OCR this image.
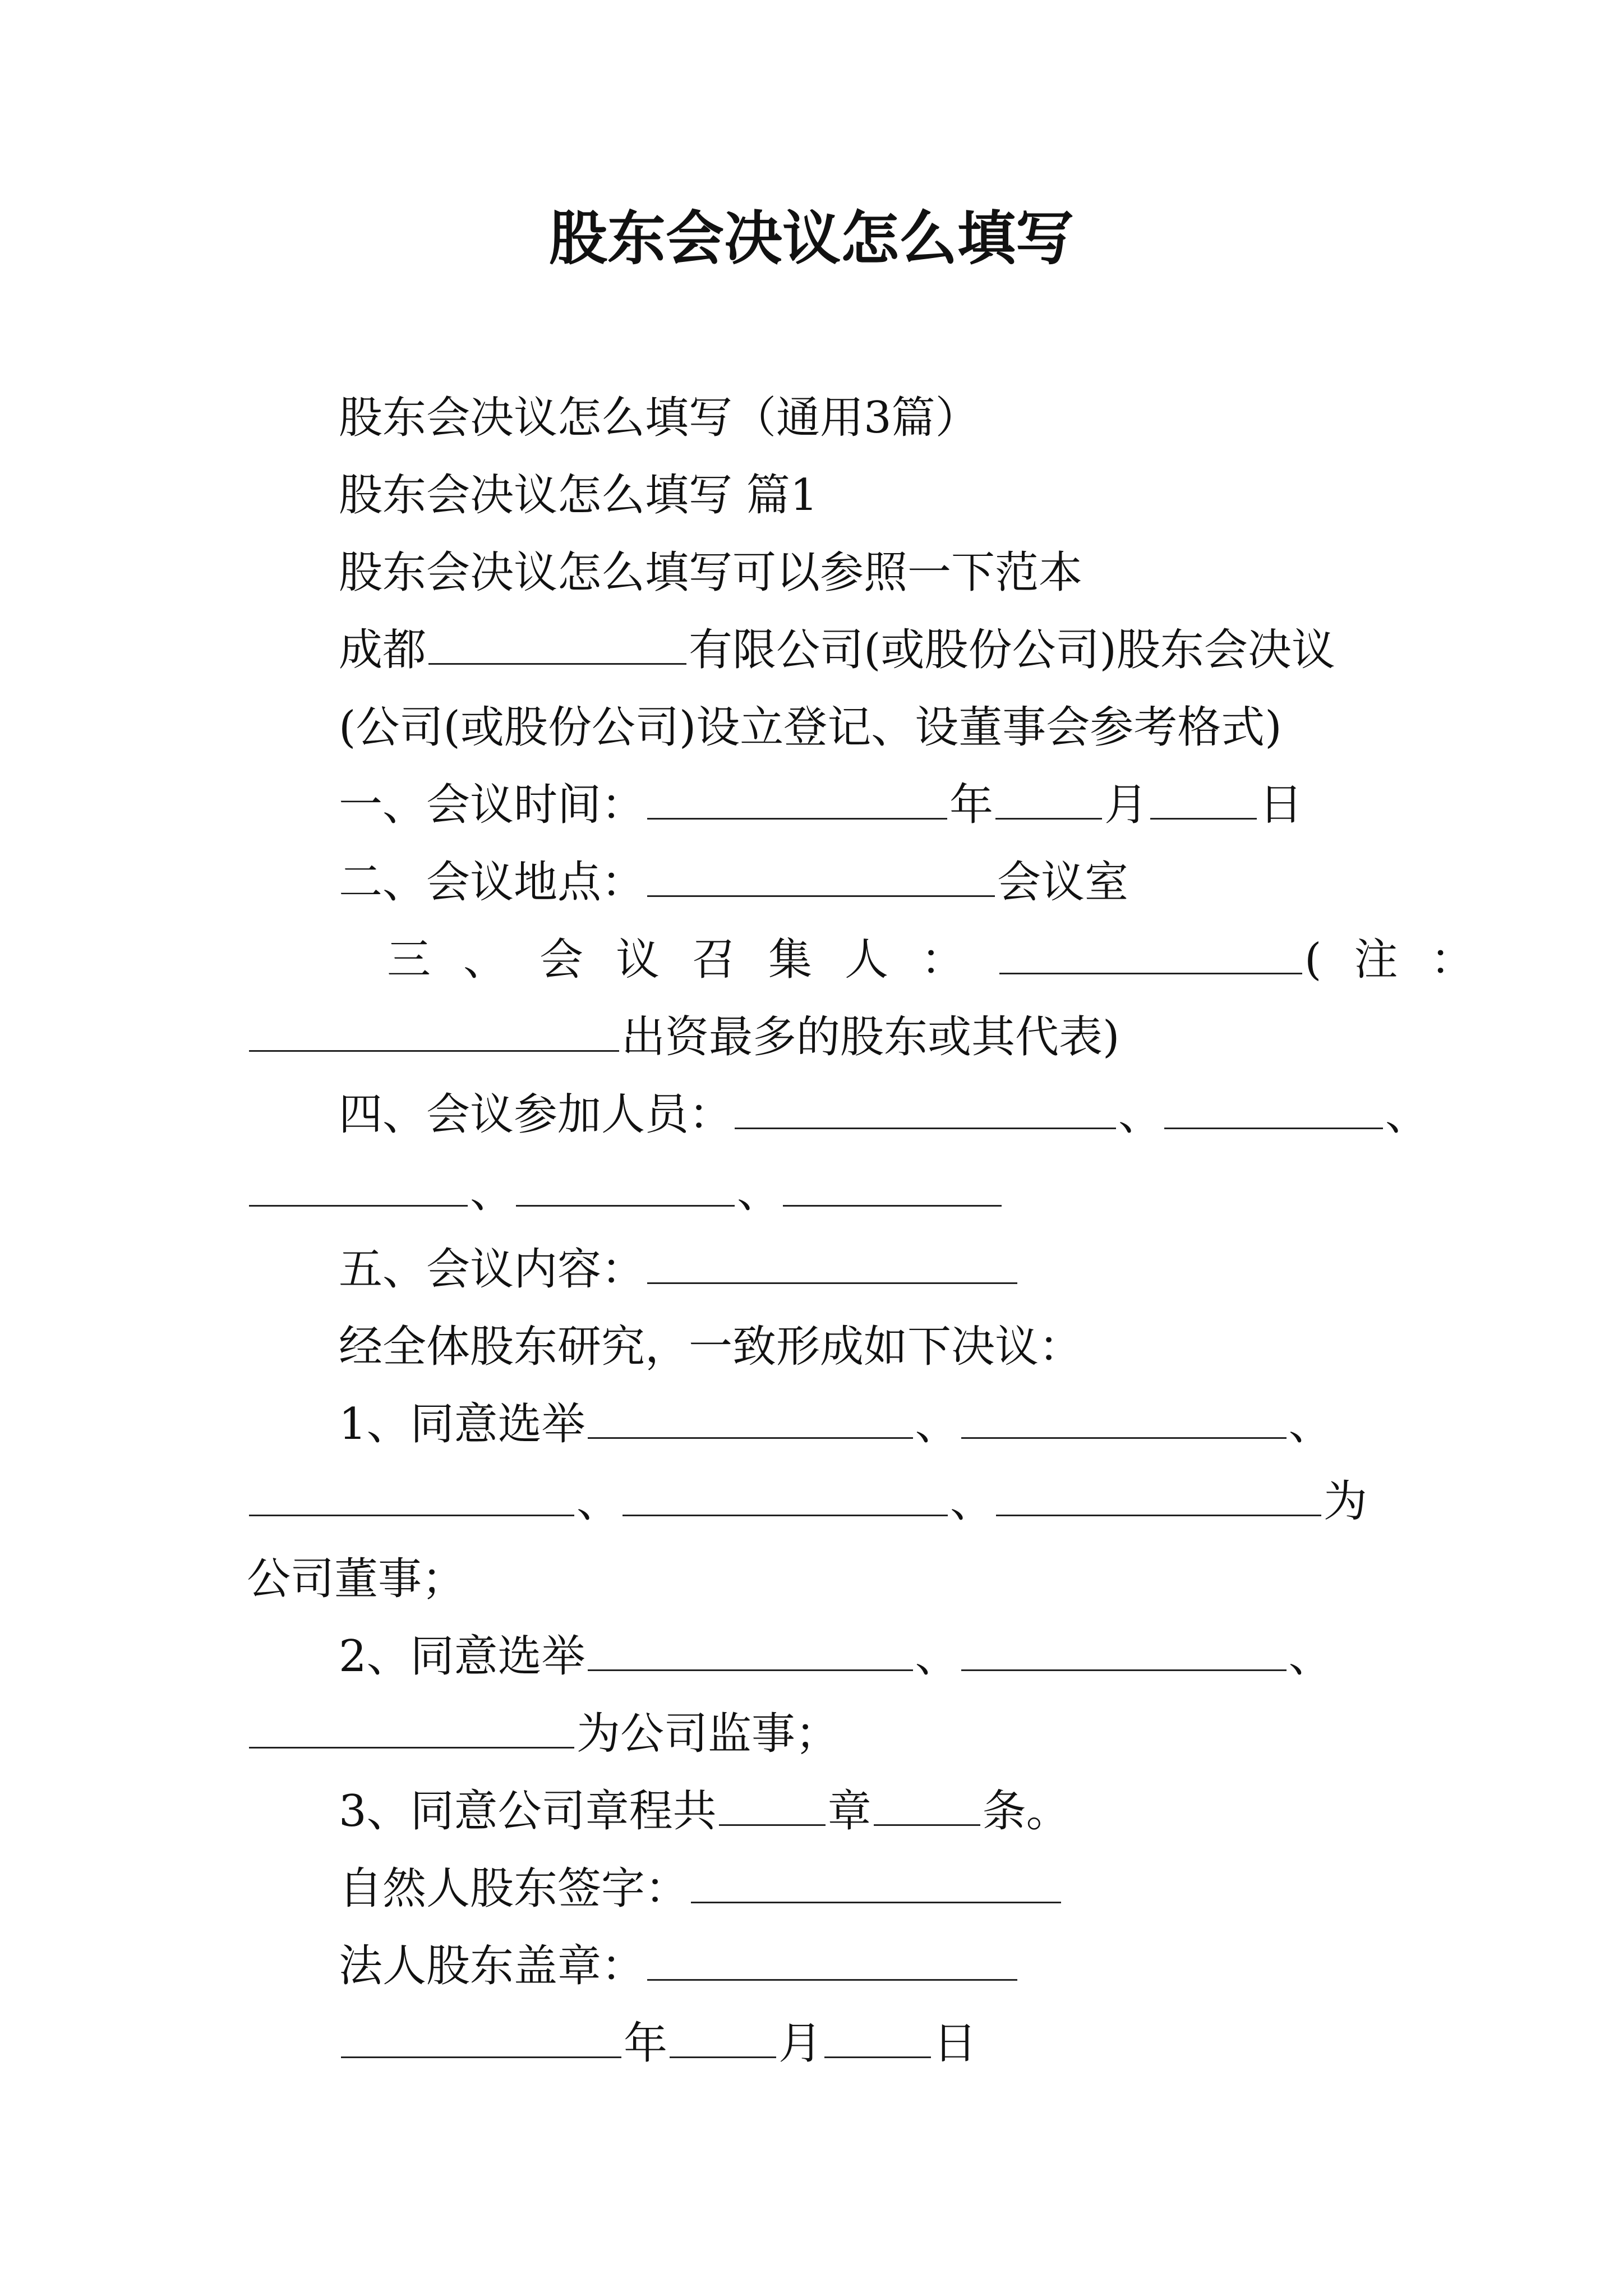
股东会决议怎么填写
股东会决议怎么填写（通用3篇）
股东会决议怎么填写 篇1
股东会决议怎么填写可以参照一下范本
成都	有限公司(或股份公司)股东会决议
(公司(或股份公司)设立登记、设董事会参考格式)
一、会议时间：	年	月	日
二、会议地点：	会议室
三、会议召集人：	(注：
出资最多的股东或其代表)
四、会议参加人员：	、	、
、	、
五、会议内容：
经全体股东研究，一致形成如下决议：
1、同意选举	、	、
、	、	为
公司董事；
2、同意选举	、	、
为公司监事；
3、同意公司章程共	章	条。
自然人股东签字：
法人股东盖章：
年	月	日
